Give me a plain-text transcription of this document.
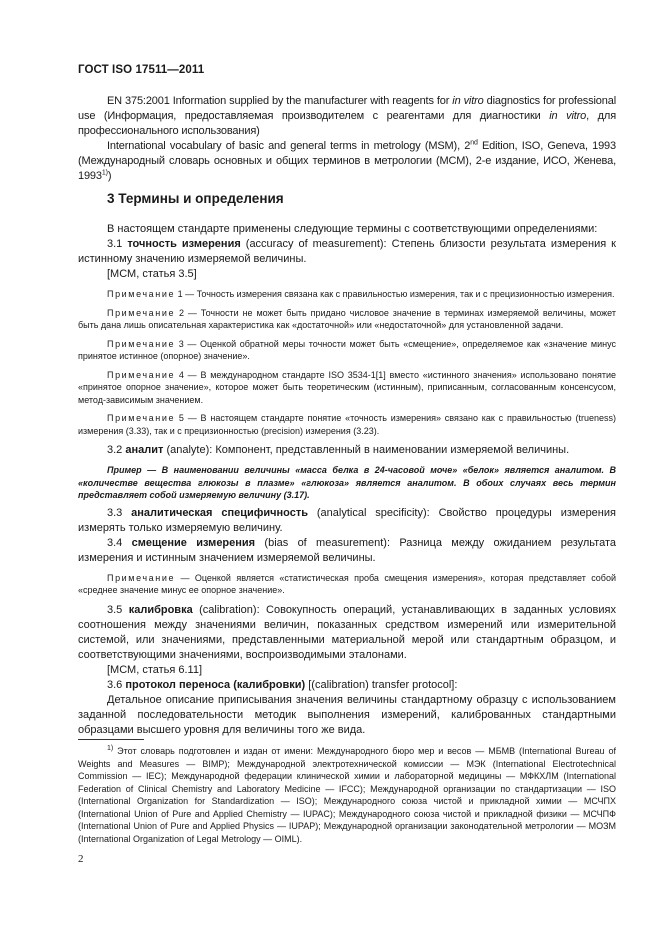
ГОСТ ISO 17511—2011

EN 375:2001 Information supplied by the manufacturer with reagents for in vitro diagnostics for professional use (Информация, предоставляемая производителем с реагентами для диагностики in vitro, для профессионального использования)

International vocabulary of basic and general terms in metrology (MSM), 2nd Edition, ISO, Geneva, 1993 (Международный словарь основных и общих терминов в метрологии (МСМ), 2-е издание, ИСО, Женева, 1993$^{1)}$)

3 Термины и определения

В настоящем стандарте применены следующие термины с соответствующими определениями:

3.1 точность измерения (accuracy of measurement): Степень близости результата измерения к истинному значению измеряемой величины.

[МСМ, статья 3.5]

Примечание 1 — Точность измерения связана как с правильностью измерения, так и с прецизионностью измерения.

Примечание 2 — Точности не может быть придано числовое значение в терминах измеряемой величины, может быть дана лишь описательная характеристика как «достаточной» или «недостаточной» для установленной задачи.

Примечание 3 — Оценкой обратной меры точности может быть «смещение», определяемое как «значение минус принятое истинное (опорное) значение».

Примечание 4 — В международном стандарте ISO 3534-1[1] вместо «истинного значения» использовано понятие «принятое опорное значение», которое может быть теоретическим (истинным), приписанным, согласованным консенсусом, метод-зависимым значением.

Примечание 5 — В настоящем стандарте понятие «точность измерения» связано как с правильностью (trueness) измерения (3.33), так и с прецизионностью (precision) измерения (3.23).

3.2 аналит (analyte): Компонент, представленный в наименовании измеряемой величины.

Пример — В наименовании величины «масса белка в 24-часовой моче» «белок» является аналитом. В «количестве вещества глюкозы в плазме» «глюкоза» является аналитом. В обоих случаях весь термин представляет собой измеряемую величину (3.17).

3.3 аналитическая специфичность (analytical specificity): Свойство процедуры измерения измерять только измеряемую величину.

3.4 смещение измерения (bias of measurement): Разница между ожиданием результата измерения и истинным значением измеряемой величины.

Примечание — Оценкой является «статистическая проба смещения измерения», которая представляет собой «среднее значение минус ее опорное значение».

3.5 калибровка (calibration): Совокупность операций, устанавливающих в заданных условиях соотношения между значениями величин, показанных средством измерений или измерительной системой, или значениями, представленными материальной мерой или стандартным образцом, и соответствующими значениями, воспроизводимыми эталонами.

[МСМ, статья 6.11]

3.6 протокол переноса (калибровки) [(calibration) transfer protocol]:

Детальное описание приписывания значения величины стандартному образцу с использованием заданной последовательности методик выполнения измерений, калиброванных стандартными образцами высшего уровня для величины того же вида.

$^{1)}$ Этот словарь подготовлен и издан от имени: Международного бюро мер и весов — МБМВ (International Bureau of Weights and Measures — BIMP); Международной электротехнической комиссии — МЭК (International Electrotechnical Commission — IEC); Международной федерации клинической химии и лабораторной медицины — МФКХЛМ (International Federation of Clinical Chemistry and Laboratory Medicine — IFCC); Международной организации по стандартизации — ISO (International Organization for Standardization — ISO); Международного союза чистой и прикладной химии — МСЧПХ (International Union of Pure and Applied Chemistry — IUPAC); Международного союза чистой и прикладной физики — МСЧПФ (International Union of Pure and Applied Physics — IUPAP); Международной организации законодательной метрологии — МОЗМ (International Organization of Legal Metrology — OIML).

2
